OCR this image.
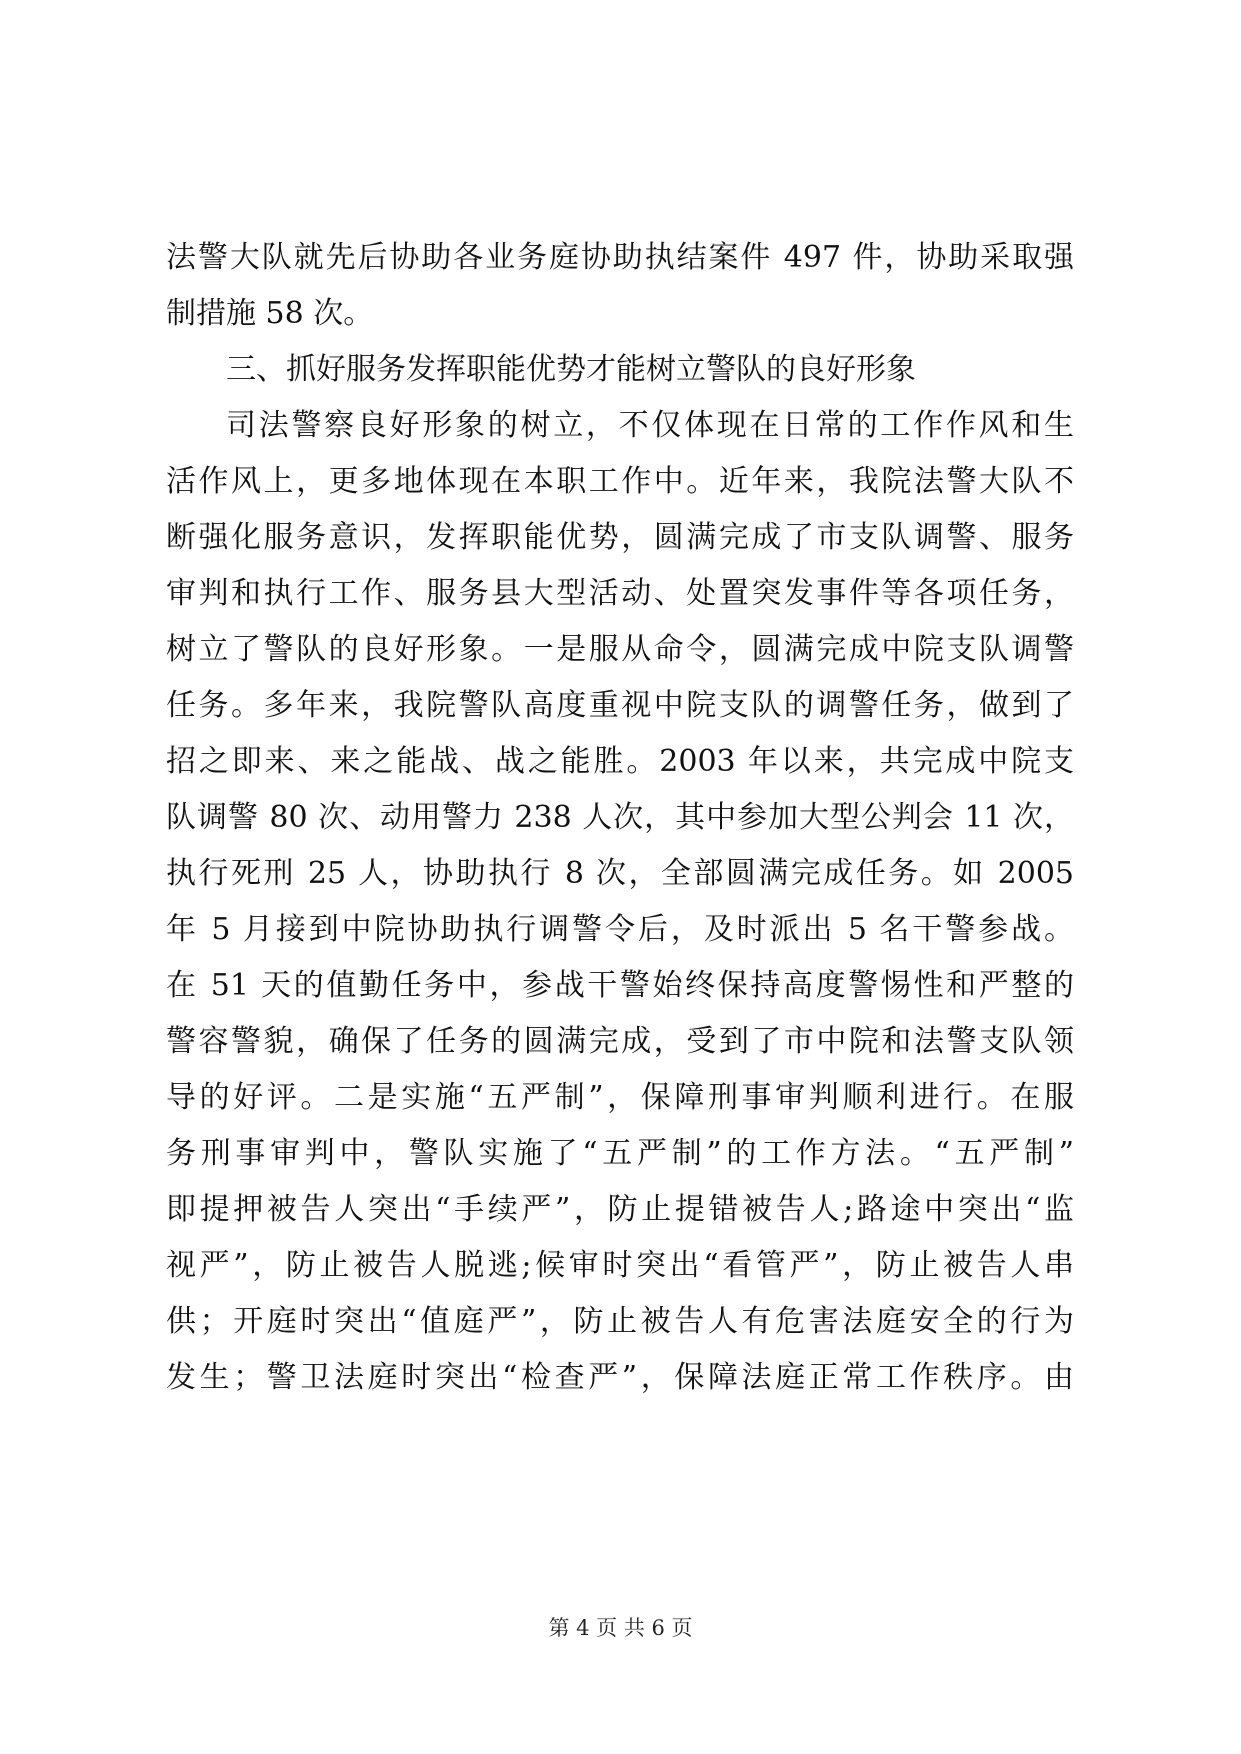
法警大队就先后协助各业务庭协助执结案件 497 件，协助采取强
制措施 58 次。
三、抓好服务发挥职能优势才能树立警队的良好形象
司法警察良好形象的树立，不仅体现在日常的工作作风和生
活作风上，更多地体现在本职工作中。近年来，我院法警大队不
断强化服务意识，发挥职能优势，圆满完成了市支队调警、服务
审判和执行工作、服务县大型活动、处置突发事件等各项任务，
树立了警队的良好形象。一是服从命令，圆满完成中院支队调警
任务。多年来，我院警队高度重视中院支队的调警任务，做到了
招之即来、来之能战、战之能胜。2003 年以来，共完成中院支
队调警 80 次、动用警力 238 人次，其中参加大型公判会 11 次，
执行死刑 25 人，协助执行 8 次，全部圆满完成任务。如 2005
年 5 月接到中院协助执行调警令后，及时派出 5 名干警参战。
在 51 天的值勤任务中，参战干警始终保持高度警惕性和严整的
警容警貌，确保了任务的圆满完成，受到了市中院和法警支队领
导的好评。二是实施“五严制”，保障刑事审判顺利进行。在服
务刑事审判中，警队实施了“五严制”的工作方法。“五严制”
即提押被告人突出“手续严”，防止提错被告人;路途中突出“监
视严”，防止被告人脱逃;候审时突出“看管严”，防止被告人串
供；开庭时突出“值庭严”，防止被告人有危害法庭安全的行为
发生；警卫法庭时突出“检查严”，保障法庭正常工作秩序。由
第 4 页 共 6 页
